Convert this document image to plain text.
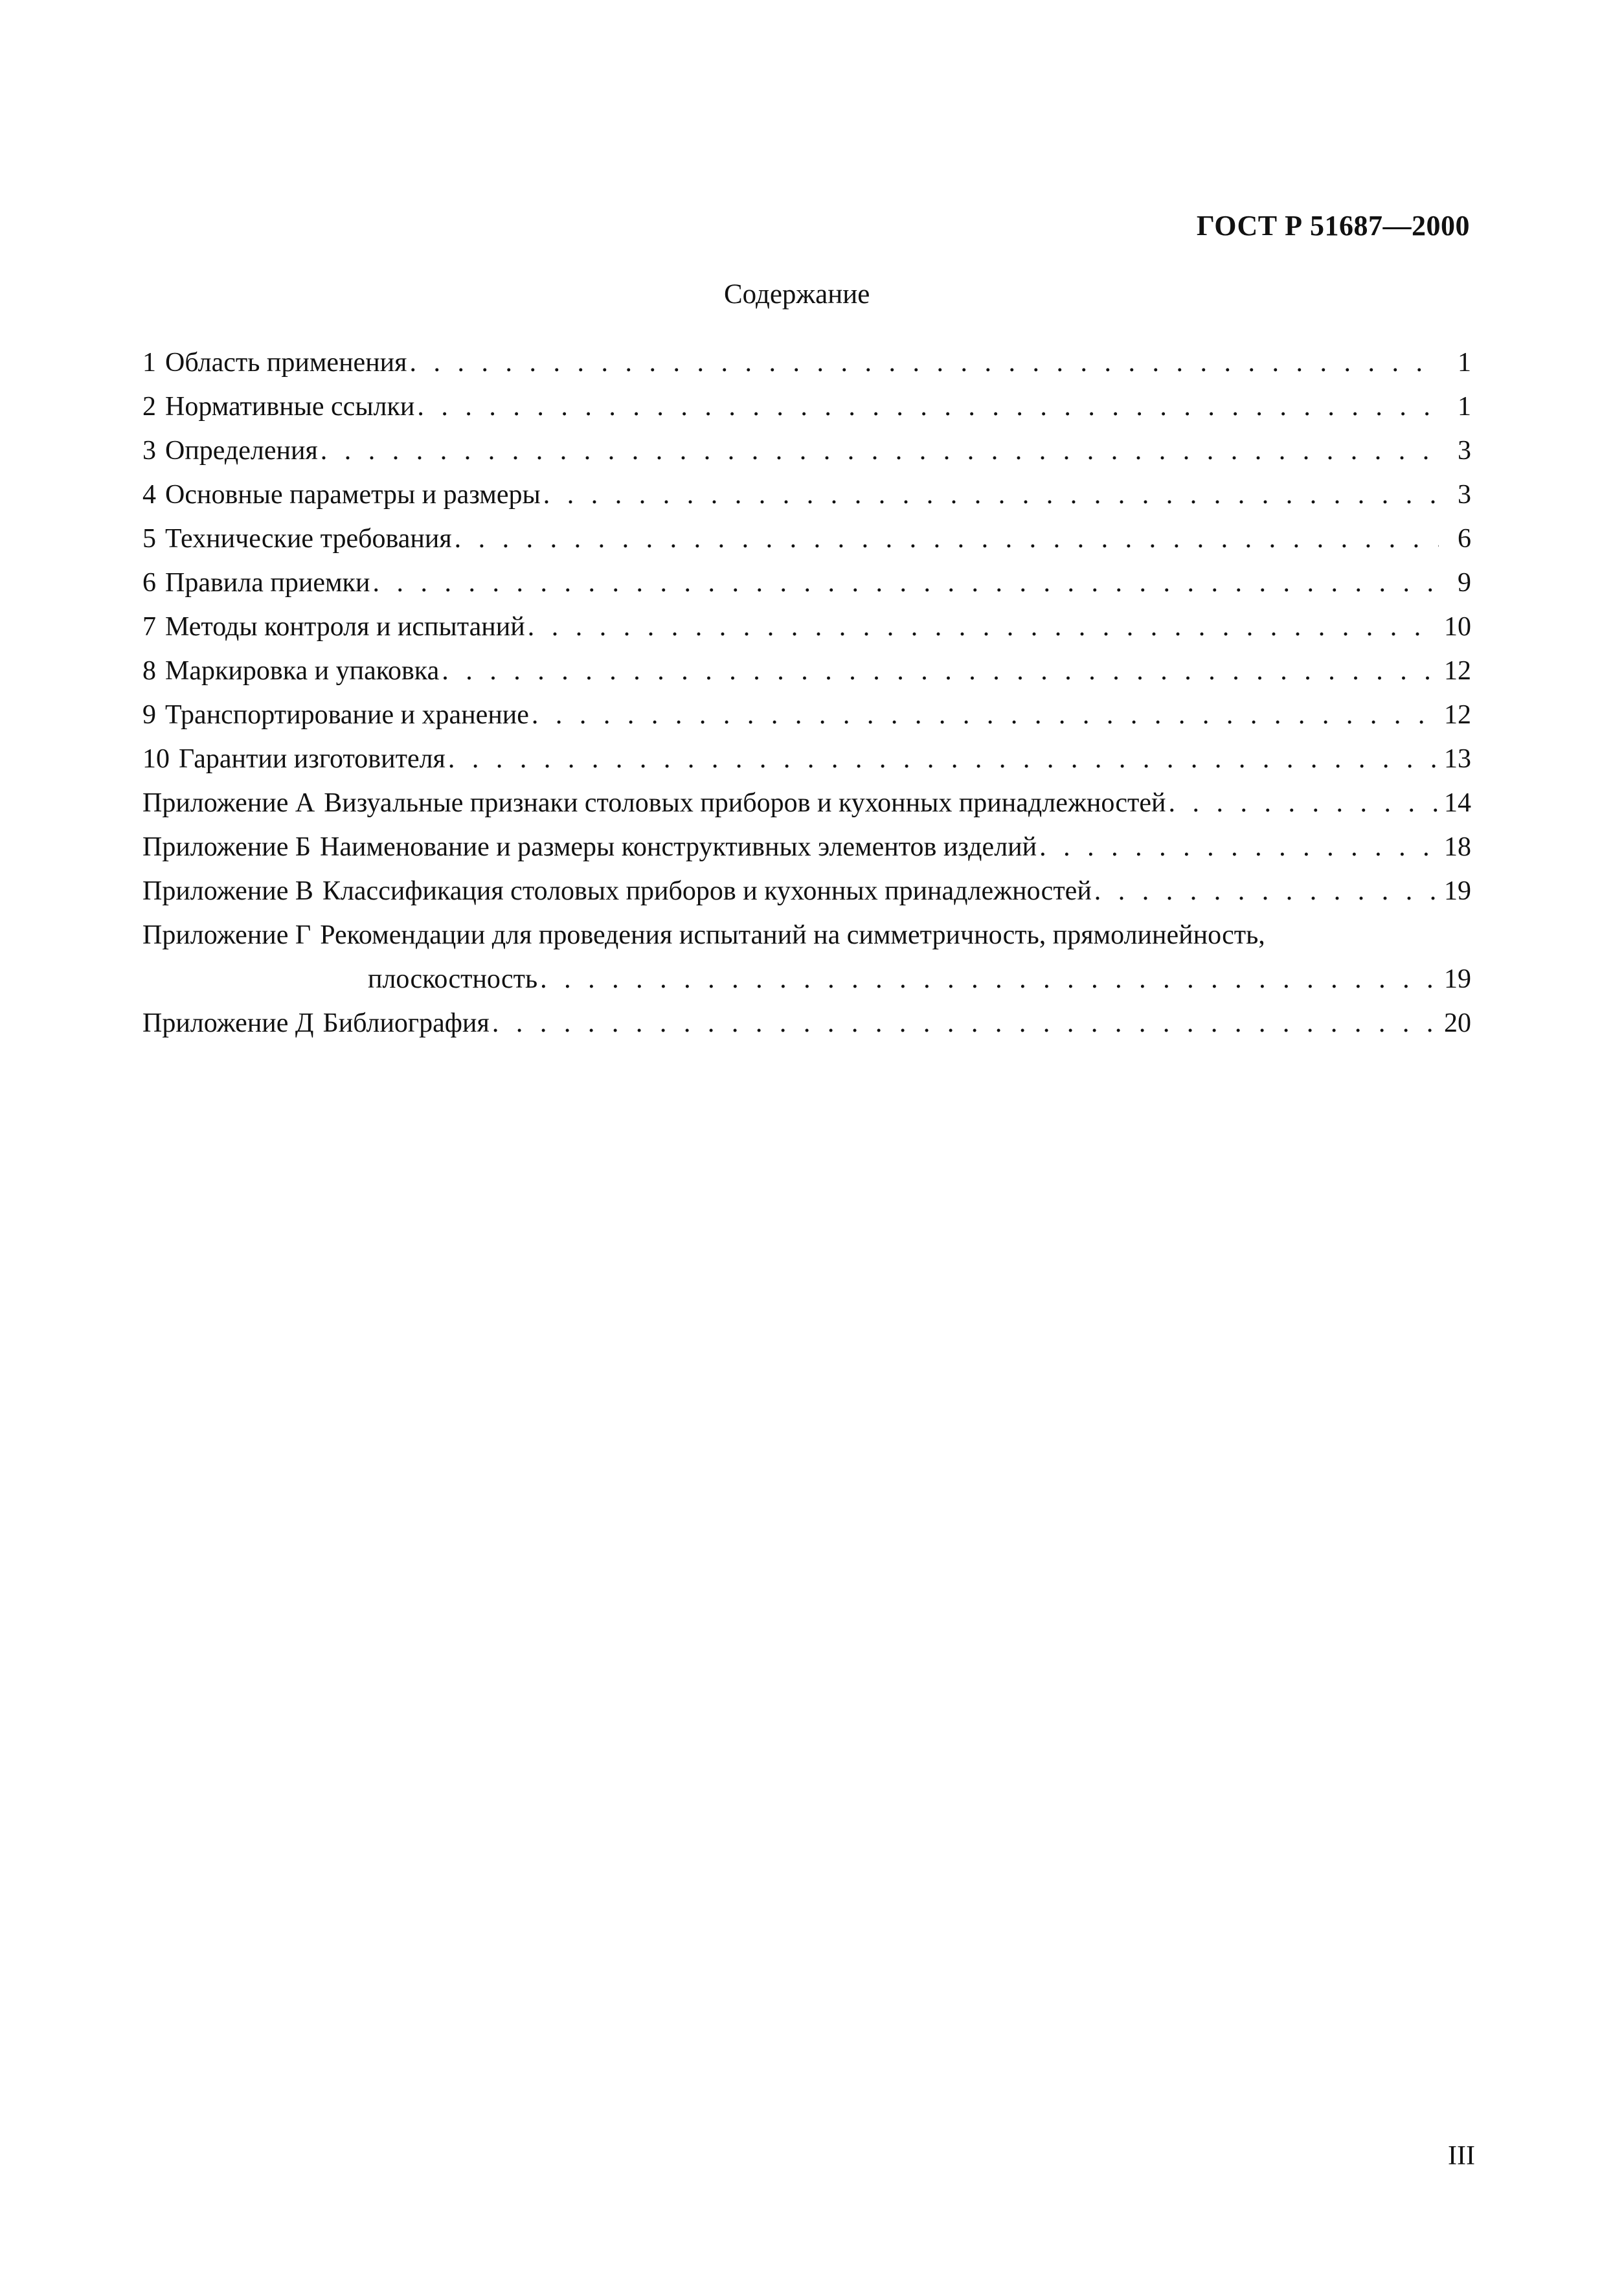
ГОСТ Р 51687—2000
Содержание
1 Область применения . . .	1
2 Нормативные ссылки . . .	1
3 Определения . . .	3
4 Основные параметры и размеры . . .	3
5 Технические требования . . .	6
6 Правила приемки . . .	9
7 Методы контроля и испытаний . . .	10
8 Маркировка и упаковка . . .	12
9 Транспортирование и хранение . . .	12
10 Гарантии изготовителя . . .	13
Приложение А Визуальные признаки столовых приборов и кухонных принадлежностей . . .	14
Приложение Б Наименование и размеры конструктивных элементов изделий . . .	18
Приложение В Классификация столовых приборов и кухонных принадлежностей . . .	19
Приложение Г Рекомендации для проведения испытаний на симметричность, прямолинейность,
плоскостность . . .	19
Приложение Д Библиография . . .	20
III
